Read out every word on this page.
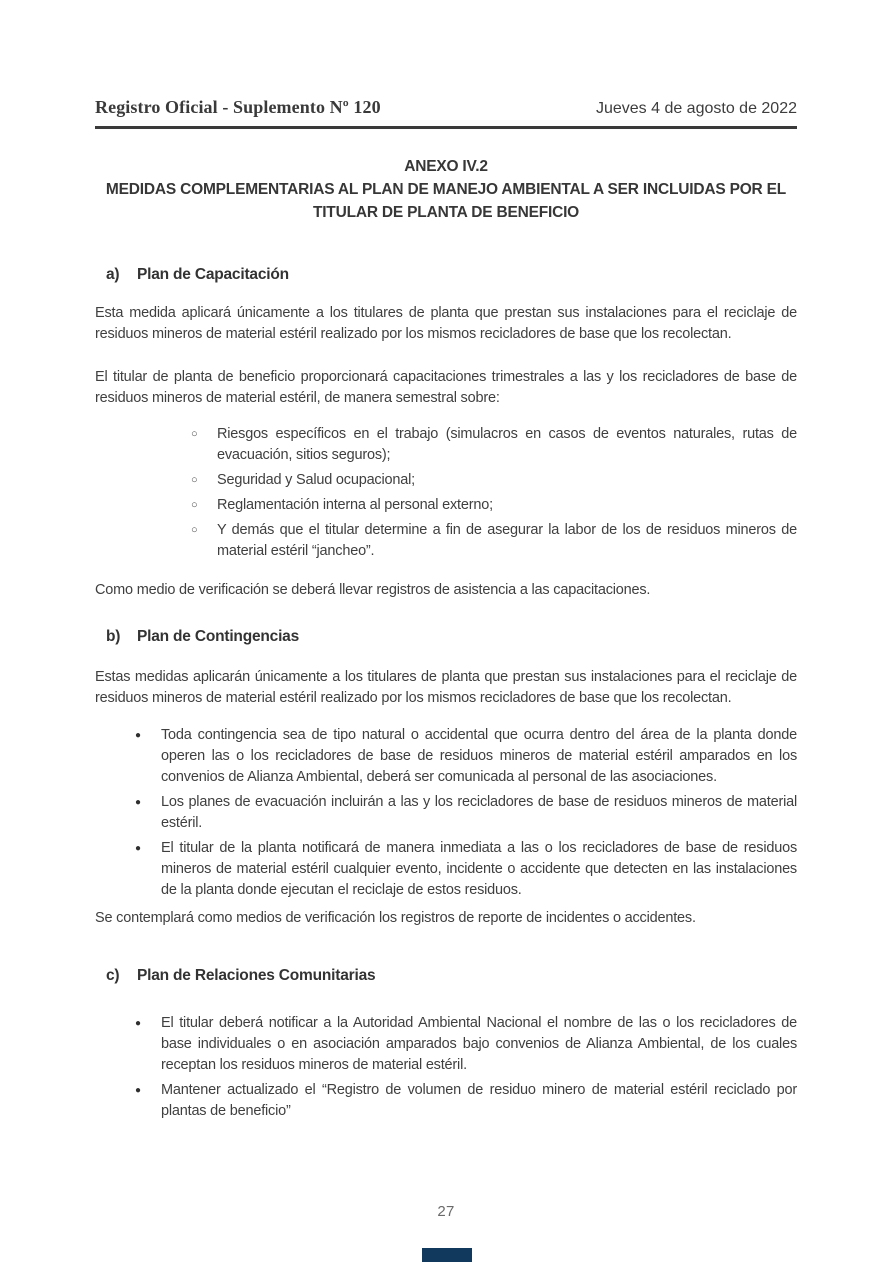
Registro Oficial - Suplemento Nº 120	Jueves 4 de agosto de 2022
ANEXO IV.2
MEDIDAS COMPLEMENTARIAS AL PLAN DE MANEJO AMBIENTAL A SER INCLUIDAS POR EL TITULAR DE PLANTA DE BENEFICIO
a)	Plan de Capacitación

Esta medida aplicará únicamente a los titulares de planta que prestan sus instalaciones para el reciclaje de residuos mineros de material estéril realizado por los mismos recicladores de base que los recolectan.

El titular de planta de beneficio proporcionará capacitaciones trimestrales a las y los recicladores de base de residuos mineros de material estéril, de manera semestral sobre:

○	Riesgos específicos en el trabajo (simulacros en casos de eventos naturales, rutas de evacuación, sitios seguros);
○	Seguridad y Salud ocupacional;
○	Reglamentación interna al personal externo;
○	Y demás que el titular determine a fin de asegurar la labor de los de residuos mineros de material estéril “jancheo”.

Como medio de verificación se deberá llevar registros de asistencia a las capacitaciones.

b)	Plan de Contingencias

Estas medidas aplicarán únicamente a los titulares de planta que prestan sus instalaciones para el reciclaje de residuos mineros de material estéril realizado por los mismos recicladores de base que los recolectan.

●	Toda contingencia sea de tipo natural o accidental que ocurra dentro del área de la planta donde operen las o los recicladores de base de residuos mineros de material estéril amparados en los convenios de Alianza Ambiental, deberá ser comunicada al personal de las asociaciones.
●	Los planes de evacuación incluirán a las y los recicladores de base de residuos mineros de material estéril.
●	El titular de la planta notificará de manera inmediata a las o los recicladores de base de residuos mineros de material estéril cualquier evento, incidente o accidente que detecten en las instalaciones de la planta donde ejecutan el reciclaje de estos residuos.

Se contemplará como medios de verificación los registros de reporte de incidentes o accidentes.

c)	Plan de Relaciones Comunitarias
●	El titular deberá notificar a la Autoridad Ambiental Nacional el nombre de las o los recicladores de base individuales o en asociación amparados bajo convenios de Alianza Ambiental, de los cuales receptan los residuos mineros de material estéril.
●	Mantener actualizado el “Registro de volumen de residuo minero de material estéril reciclado por plantas de beneficio”
27
